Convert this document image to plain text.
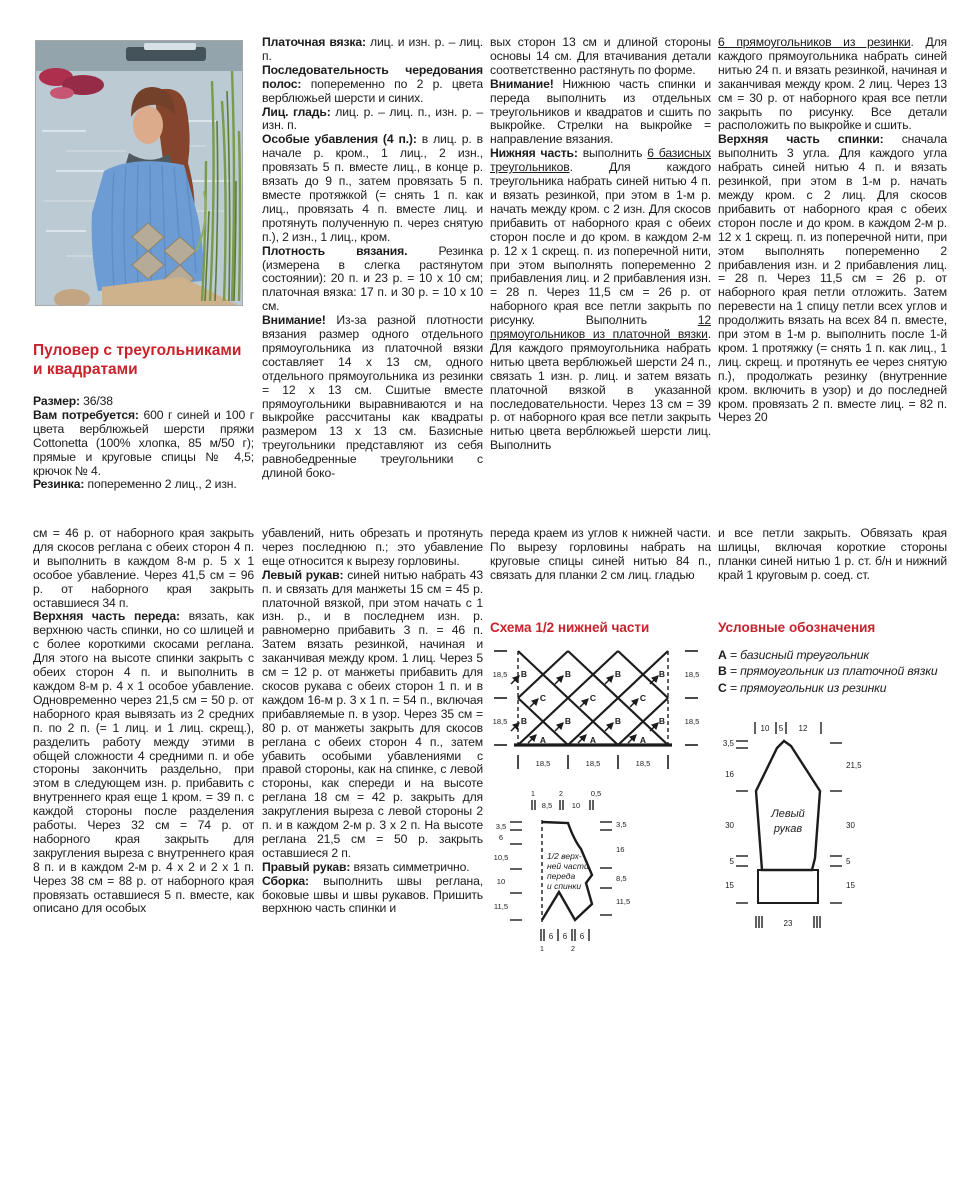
Пуловер с треугольниками и квадратами

Размер: 36/38

Вам потребуется: 600 г синей и 100 г цвета верблюжьей шерсти пряжи Cottonetta (100% хлопка, 85 м/50 г); прямые и круговые спицы № 4,5; крючок № 4.

Резинка: попеременно 2 лиц., 2 изн.

Платочная вязка: лиц. и изн. р. – лиц. п.

Последовательность чередования полос: попеременно по 2 р. цвета верблюжьей шерсти и синих.

Лиц. гладь: лиц. р. – лиц. п., изн. р. – изн. п.

Особые убавления (4 п.): в лиц. р. в начале р. кром., 1 лиц., 2 изн., провязать 5 п. вместе лиц., в конце р. вязать до 9 п., затем провязать 5 п. вместе протяжкой (= снять 1 п. как лиц., провязать 4 п. вместе лиц. и протянуть полученную п. через снятую п.), 2 изн., 1 лиц., кром.

Плотность вязания. Резинка (измерена в слегка растянутом состоянии): 20 п. и 23 р. = 10 х 10 см; платочная вязка: 17 п. и 30 р. = 10 х 10 см.

Внимание! Из-за разной плотности вязания размер одного отдельного прямоугольника из платочной вязки составляет 14 х 13 см, одного отдельного прямоугольника из резинки = 12 х 13 см. Сшитые вместе прямоугольники выравниваются и на выкройке рассчитаны как квадраты размером 13 х 13 см. Базисные треугольники представляют из себя равнобедренные треугольники с длиной боко-

вых сторон 13 см и длиной стороны основы 14 см. Для втачивания детали соответственно растянуть по форме.

Внимание! Нижнюю часть спинки и переда выполнить из отдельных треугольников и квадратов и сшить по выкройке. Стрелки на выкройке = направление вязания.

Нижняя часть: выполнить 6 базисных треугольников. Для каждого треугольника набрать синей нитью 4 п. и вязать резинкой, при этом в 1-м р. начать между кром. с 2 изн. Для скосов прибавить от наборного края с обеих сторон после и до кром. в каждом 2-м р. 12 х 1 скрещ. п. из поперечной нити, при этом выполнять попеременно 2 прибавления лиц. и 2 прибавления изн. = 28 п. Через 11,5 см = 26 р. от наборного края все петли закрыть по рисунку. Выполнить 12 прямоугольников из платочной вязки. Для каждого прямоугольника набрать нитью цвета верблюжьей шерсти 24 п., связать 1 изн. р. лиц. и затем вязать платочной вязкой в указанной последовательности. Через 13 см = 39 р. от наборного края все петли закрыть нитью цвета верблюжьей шерсти лиц. Выполнить

6 прямоугольников из резинки. Для каждого прямоугольника набрать синей нитью 24 п. и вязать резинкой, начиная и заканчивая между кром. 2 лиц. Через 13 см = 30 р. от наборного края все петли закрыть по рисунку. Все детали расположить по выкройке и сшить.

Верхняя часть спинки: сначала выполнить 3 угла. Для каждого угла набрать синей нитью 4 п. и вязать резинкой, при этом в 1-м р. начать между кром. с 2 лиц. Для скосов прибавить от наборного края с обеих сторон после и до кром. в каждом 2-м р. 12 х 1 скрещ. п. из поперечной нити, при этом выполнять попеременно 2 прибавления изн. и 2 прибавления лиц. = 28 п. Через 11,5 см = 26 р. от наборного края петли отложить. Затем перевести на 1 спицу петли всех углов и продолжить вязать на всех 84 п. вместе, при этом в 1-м р. выполнить после 1-й кром. 1 протяжку (= снять 1 п. как лиц., 1 лиц. скрещ. и протянуть ее через снятую п.), продолжать резинку (внутренние кром. включить в узор) и до последней кром. провязать 2 п. вместе лиц. = 82 п. Через 20

см = 46 р. от наборного края закрыть для скосов реглана с обеих сторон 4 п. и выполнить в каждом 8-м р. 5 х 1 особое убавление. Через 41,5 см = 96 р. от наборного края закрыть оставшиеся 34 п.

Верхняя часть переда: вязать, как верхнюю часть спинки, но со шлицей и с более короткими скосами реглана. Для этого на высоте спинки закрыть с обеих сторон 4 п. и выполнить в каждом 8-м р. 4 х 1 особое убавление. Одновременно через 21,5 см = 50 р. от наборного края вывязать из 2 средних п. по 2 п. (= 1 лиц. и 1 лиц. скрещ.), разделить работу между этими в общей сложности 4 средними п. и обе стороны закончить раздельно, при этом в следующем изн. р. прибавить с внутреннего края еще 1 кром. = 39 п. с каждой стороны после разделения работы. Через 32 см = 74 р. от наборного края закрыть для закругления выреза с внутреннего края 8 п. и в каждом 2-м р. 4 х 2 и 2 х 1 п. Через 38 см = 88 р. от наборного края провязать оставшиеся 5 п. вместе, как описано для особых

убавлений, нить обрезать и протянуть через последнюю п.; это убавление еще относится к вырезу горловины.

Левый рукав: синей нитью набрать 43 п. и связать для манжеты 15 см = 45 р. платочной вязкой, при этом начать с 1 изн. р., и в последнем изн. р. равномерно прибавить 3 п. = 46 п. Затем вязать резинкой, начиная и заканчивая между кром. 1 лиц. Через 5 см = 12 р. от манжеты прибавить для скосов рукава с обеих сторон 1 п. и в каждом 16-м р. 3 х 1 п. = 54 п., включая прибавляемые п. в узор. Через 35 см = 80 р. от манжеты закрыть для скосов реглана с обеих сторон 4 п., затем убавить особыми убавлениями с правой стороны, как на спинке, с левой стороны, как спереди и на высоте реглана 18 см = 42 р. закрыть для закругления выреза с левой стороны 2 п. и в каждом 2-м р. 3 х 2 п. На высоте реглана 21,5 см = 50 р. закрыть оставшиеся 2 п.

Правый рукав: вязать симметрично.

Сборка: выполнить швы реглана, боковые швы и швы рукавов. Пришить верхнюю часть спинки и

переда краем из углов к нижней части. По вырезу горловины набрать на круговые спицы синей нитью 84 п., связать для планки 2 см лиц. гладью

Схема 1/2 нижней части
B	B	B	B
C	C	C
B	B	B	B
A	A	A
18,5
18,5
18,5
18,5
18,5	18,5	18,5
1/2 верх-
ней части
переда
и спинки
1
8,5
2
10
0,5
3,5
6
10,5
10
11,5
3,5
16
8,5
11,5
6 6 6
1	2

и все петли закрыть. Обвязать края шлицы, включая короткие стороны планки синей нитью 1 р. ст. б/н и нижний край 1 круговым р. соед. ст.

Условные обозначения

A = базисный треугольник

B = прямоугольник из платочной вязки

C = прямоугольник из резинки

Левый
рукав
10 5 12
3,5
16
30
5
15
21,5
30
5
15
23
